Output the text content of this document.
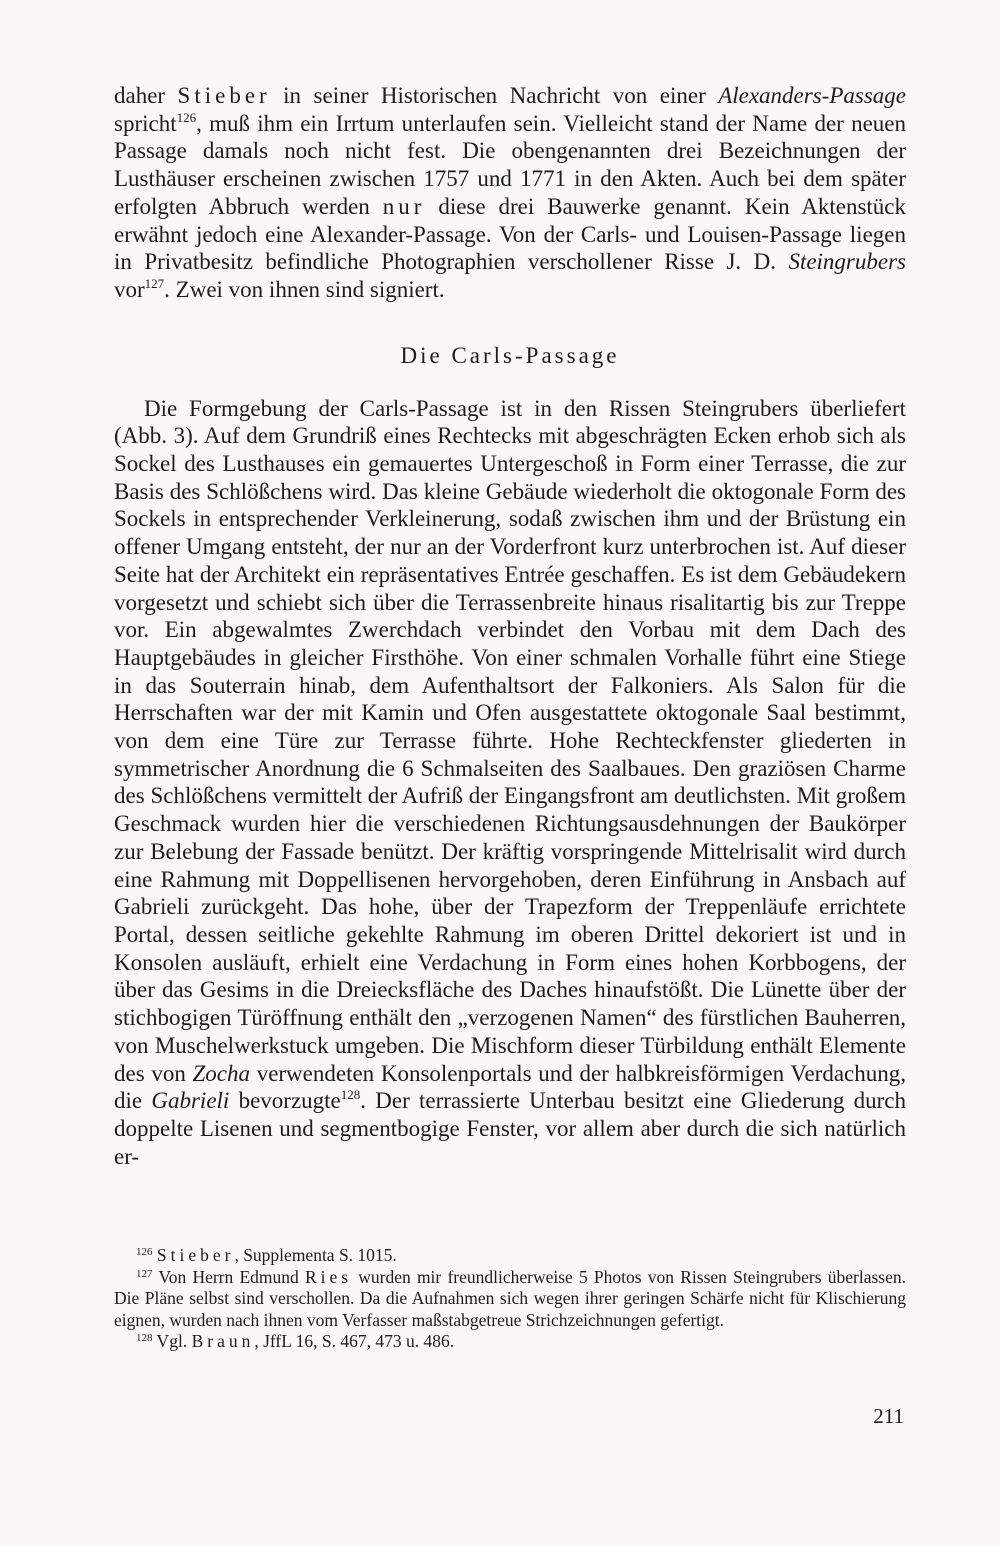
daher Stieber in seiner Historischen Nachricht von einer Alexanders-Passage spricht$^{126}$, muß ihm ein Irrtum unterlaufen sein. Vielleicht stand der Name der neuen Passage damals noch nicht fest. Die obengenannten drei Bezeichnungen der Lusthäuser erscheinen zwischen 1757 und 1771 in den Akten. Auch bei dem später erfolgten Abbruch werden nur diese drei Bauwerke genannt. Kein Aktenstück erwähnt jedoch eine Alexander-Passage. Von der Carls- und Louisen-Passage liegen in Privatbesitz befindliche Photographien verschollener Risse J. D. Steingrubers vor$^{127}$. Zwei von ihnen sind signiert.

Die Carls-Passage

Die Formgebung der Carls-Passage ist in den Rissen Steingrubers überliefert (Abb. 3). Auf dem Grundriß eines Rechtecks mit abgeschrägten Ecken erhob sich als Sockel des Lusthauses ein gemauertes Untergeschoß in Form einer Terrasse, die zur Basis des Schlößchens wird. Das kleine Gebäude wiederholt die oktogonale Form des Sockels in entsprechender Verkleinerung, sodaß zwischen ihm und der Brüstung ein offener Umgang entsteht, der nur an der Vorderfront kurz unterbrochen ist. Auf dieser Seite hat der Architekt ein repräsentatives Entrée geschaffen. Es ist dem Gebäudekern vorgesetzt und schiebt sich über die Terrassenbreite hinaus risalitartig bis zur Treppe vor. Ein abgewalmtes Zwerchdach verbindet den Vorbau mit dem Dach des Hauptgebäudes in gleicher Firsthöhe. Von einer schmalen Vorhalle führt eine Stiege in das Souterrain hinab, dem Aufenthaltsort der Falkoniers. Als Salon für die Herrschaften war der mit Kamin und Ofen ausgestattete oktogonale Saal bestimmt, von dem eine Türe zur Terrasse führte. Hohe Rechteckfenster gliederten in symmetrischer Anordnung die 6 Schmalseiten des Saalbaues. Den graziösen Charme des Schlößchens vermittelt der Aufriß der Eingangsfront am deutlichsten. Mit großem Geschmack wurden hier die verschiedenen Richtungsausdehnungen der Baukörper zur Belebung der Fassade benützt. Der kräftig vorspringende Mittelrisalit wird durch eine Rahmung mit Doppellisenen hervorgehoben, deren Einführung in Ansbach auf Gabrieli zurückgeht. Das hohe, über der Trapezform der Treppenläufe errichtete Portal, dessen seitliche gekehlte Rahmung im oberen Drittel dekoriert ist und in Konsolen ausläuft, erhielt eine Verdachung in Form eines hohen Korbbogens, der über das Gesims in die Dreiecksfläche des Daches hinaufstößt. Die Lünette über der stichbogigen Türöffnung enthält den „verzogenen Namen“ des fürstlichen Bauherren, von Muschelwerkstuck umgeben. Die Mischform dieser Türbildung enthält Elemente des von Zocha verwendeten Konsolenportals und der halbkreisförmigen Verdachung, die Gabrieli bevorzugte$^{128}$. Der terrassierte Unterbau besitzt eine Gliederung durch doppelte Lisenen und segmentbogige Fenster, vor allem aber durch die sich natürlich er-

$^{126}$ Stieber, Supplementa S. 1015.

$^{127}$ Von Herrn Edmund Ries wurden mir freundlicherweise 5 Photos von Rissen Steingrubers überlassen. Die Pläne selbst sind verschollen. Da die Aufnahmen sich wegen ihrer geringen Schärfe nicht für Klischierung eignen, wurden nach ihnen vom Verfasser maßstabgetreue Strichzeichnungen gefertigt.

$^{128}$ Vgl. Braun, JffL 16, S. 467, 473 u. 486.

211
